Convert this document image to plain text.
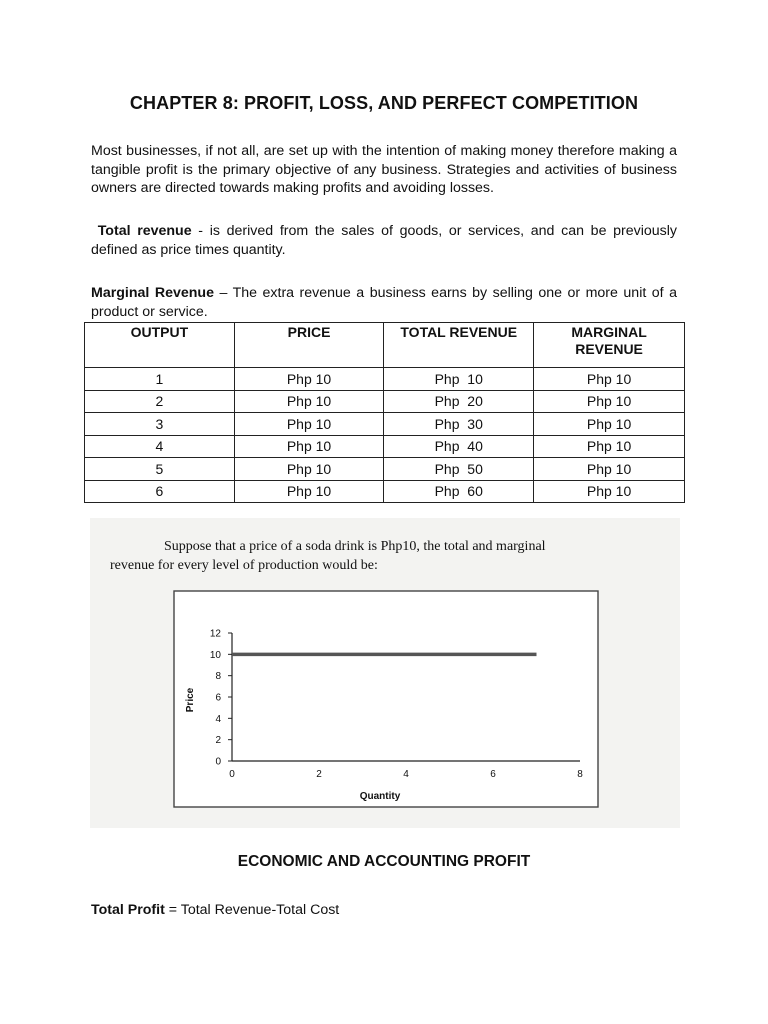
CHAPTER 8: PROFIT, LOSS, AND PERFECT COMPETITION
Most businesses, if not all, are set up with the intention of making money therefore making a tangible profit is the primary objective of any business. Strategies and activities of business owners are directed towards making profits and avoiding losses.
Total revenue - is derived from the sales of goods, or services, and can be previously defined as price times quantity.
Marginal Revenue – The extra revenue a business earns by selling one or more unit of a product or service.
OUTPUT	PRICE	TOTAL REVENUE	MARGINAL REVENUE
1	Php 10	Php  10	Php 10
2	Php 10	Php  20	Php 10
3	Php 10	Php  30	Php 10
4	Php 10	Php  40	Php 10
5	Php 10	Php  50	Php 10
6	Php 10	Php  60	Php 10
Suppose that a price of a soda drink is Php10, the total and marginal
revenue for every level of production would be:
0
2
4
6
8
10
12
0	2	4	6	8
Quantity
Price
ECONOMIC AND ACCOUNTING PROFIT
Total Profit = Total Revenue-Total Cost
